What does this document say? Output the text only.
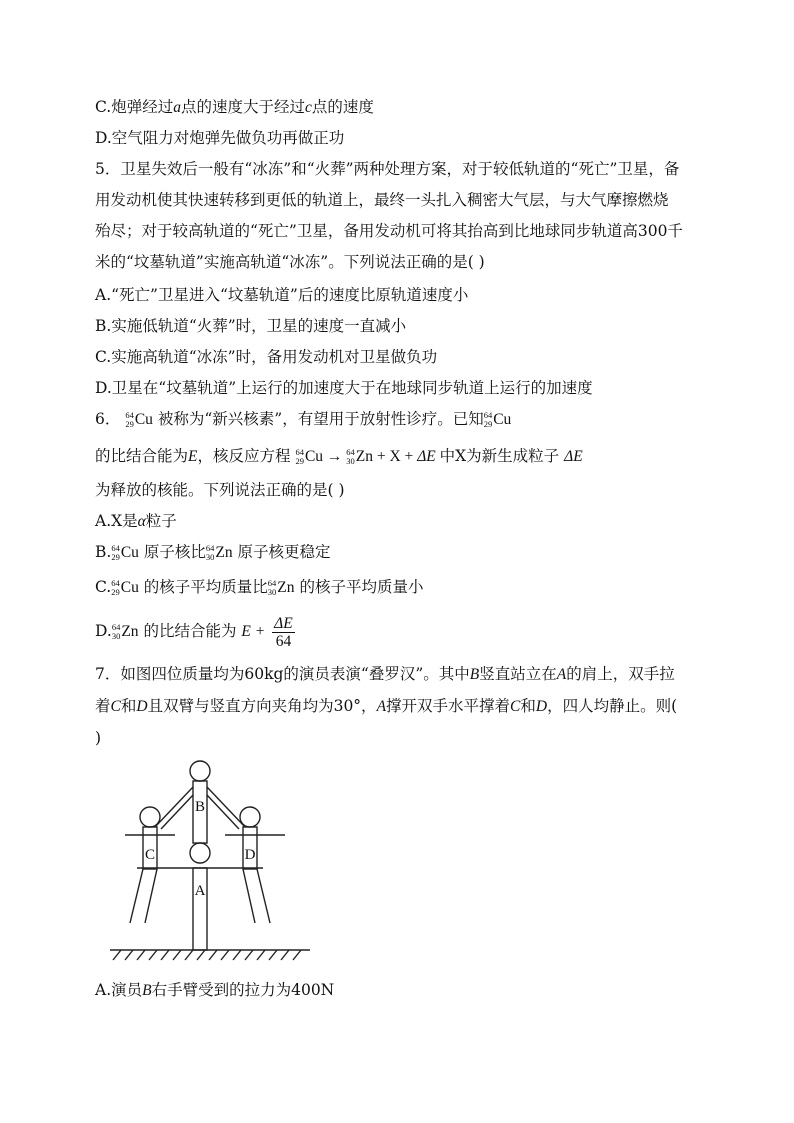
C.炮弹经过a点的速度大于经过c点的速度
D.空气阻力对炮弹先做负功再做正功
5．卫星失效后一般有“冰冻”和“火葬”两种处理方案，对于较低轨道的“死亡”卫星，备
用发动机使其快速转移到更低的轨道上，最终一头扎入稠密大气层，与大气摩擦燃烧
殆尽；对于较高轨道的“死亡”卫星，备用发动机可将其抬高到比地球同步轨道高300千
米的“坟墓轨道”实施高轨道“冰冻”。下列说法正确的是( )
A.“死亡”卫星进入“坟墓轨道”后的速度比原轨道速度小
B.实施低轨道“火葬”时，卫星的速度一直减小
C.实施高轨道“冰冻”时，备用发动机对卫星做负功
D.卫星在“坟墓轨道”上运行的加速度大于在地球同步轨道上运行的加速度
6． 64
29 Cu 被称为“新兴核素”，有望用于放射性诊疗。已知 64
29 Cu
的比结合能为E，核反应方程 64
29 Cu → 64
30 Zn + X + ΔE 中X为新生成粒子 ΔE
为释放的核能。下列说法正确的是( )
A.X是α粒子
B. 64
29 Cu 原子核比 64
30 Zn 原子核更稳定
C. 64
29 Cu 的核子平均质量比 64
30 Zn 的核子平均质量小
D. 64
30 Zn 的比结合能为 $E + \frac{\Delta E}{64}$
7．如图四位质量均为60kg的演员表演“叠罗汉”。其中B竖直站立在A的肩上，双手拉
着C和D且双臂与竖直方向夹角均为30°，A撑开双手水平撑着C和D，四人均静止。则(
)
A
B
C	D
A.演员B右手臂受到的拉力为400N
